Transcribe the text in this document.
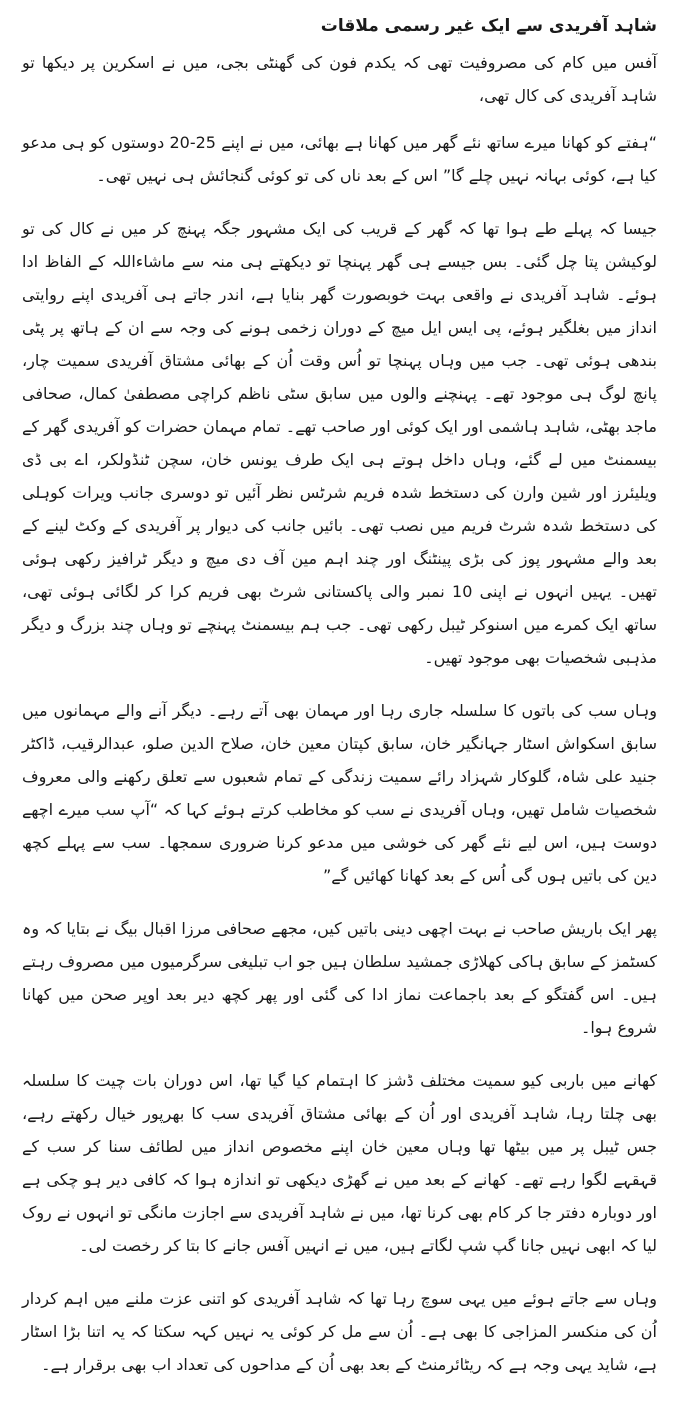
شاہد آفریدی سے ایک غیر رسمی ملاقات

آفس میں کام کی مصروفیت تھی کہ یکدم فون کی گھنٹی بجی، میں نے اسکرین پر دیکھا تو شاہد آفریدی کی کال تھی،

“ہفتے کو کھانا میرے ساتھ نئے گھر میں کھانا ہے بھائی، میں نے اپنے 25-20 دوستوں کو ہی مدعو کیا ہے، کوئی بہانہ نہیں چلے گا” اس کے بعد ناں کی تو کوئی گنجائش ہی نہیں تھی۔

جیسا کہ پہلے طے ہوا تھا کہ گھر کے قریب کی ایک مشہور جگہ پہنچ کر میں نے کال کی تو لوکیشن پتا چل گئی۔ بس جیسے ہی گھر پہنچا تو دیکھتے ہی منہ سے ماشاءاللہ کے الفاظ ادا ہوئے۔ شاہد آفریدی نے واقعی بہت خوبصورت گھر بنایا ہے، اندر جاتے ہی آفریدی اپنے روایتی انداز میں بغلگیر ہوئے، پی ایس ایل میچ کے دوران زخمی ہونے کی وجہ سے ان کے ہاتھ پر پٹی بندھی ہوئی تھی۔ جب میں وہاں پہنچا تو اُس وقت اُن کے بھائی مشتاق آفریدی سمیت چار، پانچ لوگ ہی موجود تھے۔ پہنچنے والوں میں سابق سٹی ناظم کراچی مصطفیٰ کمال، صحافی ماجد بھٹی، شاہد ہاشمی اور ایک کوئی اور صاحب تھے۔ تمام مہمان حضرات کو آفریدی گھر کے بیسمنٹ میں لے گئے، وہاں داخل ہوتے ہی ایک طرف یونس خان، سچن ٹنڈولکر، اے بی ڈی ویلیئرز اور شین وارن کی دستخط شدہ فریم شرٹس نظر آئیں تو دوسری جانب ویرات کوہلی کی دستخط شدہ شرٹ فریم میں نصب تھی۔ بائیں جانب کی دیوار پر آفریدی کے وکٹ لینے کے بعد والے مشہور پوز کی بڑی پینٹنگ اور چند اہم مین آف دی میچ و دیگر ٹرافیز رکھی ہوئی تھیں۔ یہیں انہوں نے اپنی 10 نمبر والی پاکستانی شرٹ بھی فریم کرا کر لگائی ہوئی تھی، ساتھ ایک کمرے میں اسنوکر ٹیبل رکھی تھی۔ جب ہم بیسمنٹ پہنچے تو وہاں چند بزرگ و دیگر مذہبی شخصیات بھی موجود تھیں۔

وہاں سب کی باتوں کا سلسلہ جاری رہا اور مہمان بھی آتے رہے۔ دیگر آنے والے مہمانوں میں سابق اسکواش اسٹار جہانگیر خان، سابق کپتان معین خان، صلاح الدین صلو، عبدالرقیب، ڈاکٹر جنید علی شاہ، گلوکار شہزاد رائے سمیت زندگی کے تمام شعبوں سے تعلق رکھنے والی معروف شخصیات شامل تھیں، وہاں آفریدی نے سب کو مخاطب کرتے ہوئے کہا کہ “آپ سب میرے اچھے دوست ہیں، اس لیے نئے گھر کی خوشی میں مدعو کرنا ضروری سمجھا۔ سب سے پہلے کچھ دین کی باتیں ہوں گی اُس کے بعد کھانا کھائیں گے”

پھر ایک باریش صاحب نے بہت اچھی دینی باتیں کیں، مجھے صحافی مرزا اقبال بیگ نے بتایا کہ وہ کسٹمز کے سابق ہاکی کھلاڑی جمشید سلطان ہیں جو اب تبلیغی سرگرمیوں میں مصروف رہتے ہیں۔ اس گفتگو کے بعد باجماعت نماز ادا کی گئی اور پھر کچھ دیر بعد اوپر صحن میں کھانا شروع ہوا۔

کھانے میں باربی کیو سمیت مختلف ڈشز کا اہتمام کیا گیا تھا، اس دوران بات چیت کا سلسلہ بھی چلتا رہا، شاہد آفریدی اور اُن کے بھائی مشتاق آفریدی سب کا بھرپور خیال رکھتے رہے، جس ٹیبل پر میں بیٹھا تھا وہاں معین خان اپنے مخصوص انداز میں لطائف سنا کر سب کے قہقہے لگوا رہے تھے۔ کھانے کے بعد میں نے گھڑی دیکھی تو اندازہ ہوا کہ کافی دیر ہو چکی ہے اور دوبارہ دفتر جا کر کام بھی کرنا تھا، میں نے شاہد آفریدی سے اجازت مانگی تو انہوں نے روک لیا کہ ابھی نہیں جانا گپ شپ لگاتے ہیں، میں نے انہیں آفس جانے کا بتا کر رخصت لی۔

وہاں سے جاتے ہوئے میں یہی سوچ رہا تھا کہ شاہد آفریدی کو اتنی عزت ملنے میں اہم کردار اُن کی منکسر المزاجی کا بھی ہے۔ اُن سے مل کر کوئی یہ نہیں کہہ سکتا کہ یہ اتنا بڑا اسٹار ہے، شاید یہی وجہ ہے کہ ریٹائرمنٹ کے بعد بھی اُن کے مداحوں کی تعداد اب بھی برقرار ہے۔
